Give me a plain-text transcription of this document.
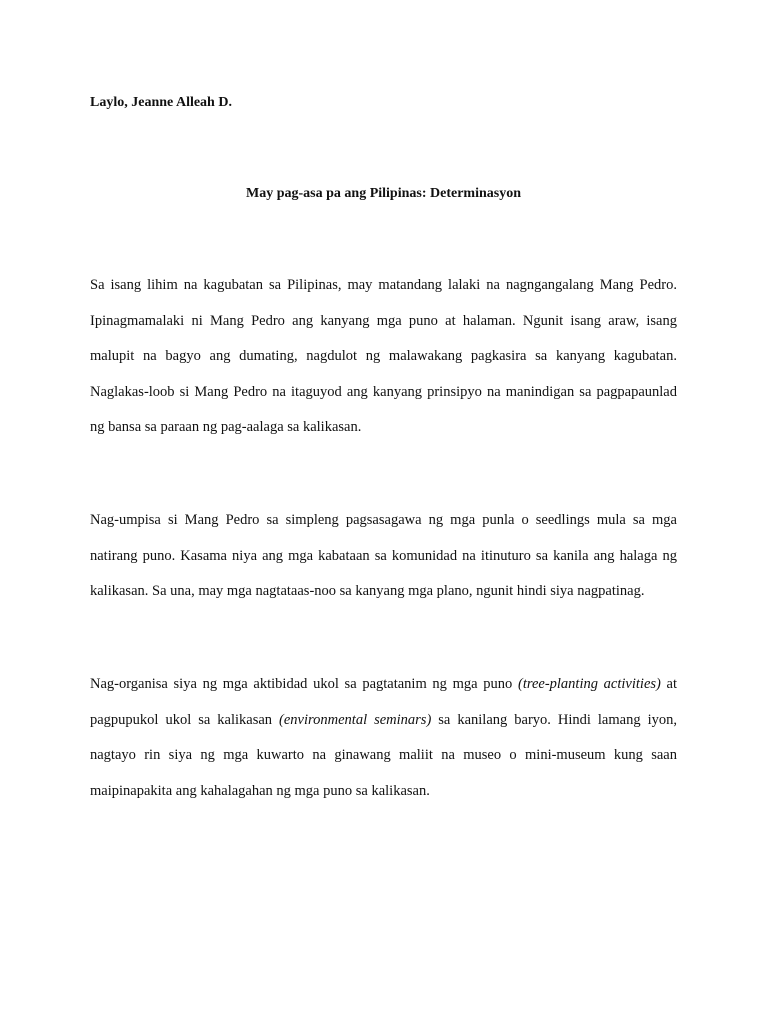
Laylo, Jeanne Alleah D.

May pag-asa pa ang Pilipinas: Determinasyon

Sa isang lihim na kagubatan sa Pilipinas, may matandang lalaki na nagngangalang Mang Pedro. Ipinagmamalaki ni Mang Pedro ang kanyang mga puno at halaman. Ngunit isang araw, isang malupit na bagyo ang dumating, nagdulot ng malawakang pagkasira sa kanyang kagubatan. Naglakas-loob si Mang Pedro na itaguyod ang kanyang prinsipyo na manindigan sa pagpapaunlad ng bansa sa paraan ng pag-aalaga sa kalikasan.

Nag-umpisa si Mang Pedro sa simpleng pagsasagawa ng mga punla o seedlings mula sa mga natirang puno. Kasama niya ang mga kabataan sa komunidad na itinuturo sa kanila ang halaga ng kalikasan. Sa una, may mga nagtataas-noo sa kanyang mga plano, ngunit hindi siya nagpatinag.

Nag-organisa siya ng mga aktibidad ukol sa pagtatanim ng mga puno (tree-planting activities) at pagpupukol ukol sa kalikasan (environmental seminars) sa kanilang baryo. Hindi lamang iyon, nagtayo rin siya ng mga kuwarto na ginawang maliit na museo o mini-museum kung saan maipinapakita ang kahalagahan ng mga puno sa kalikasan.
